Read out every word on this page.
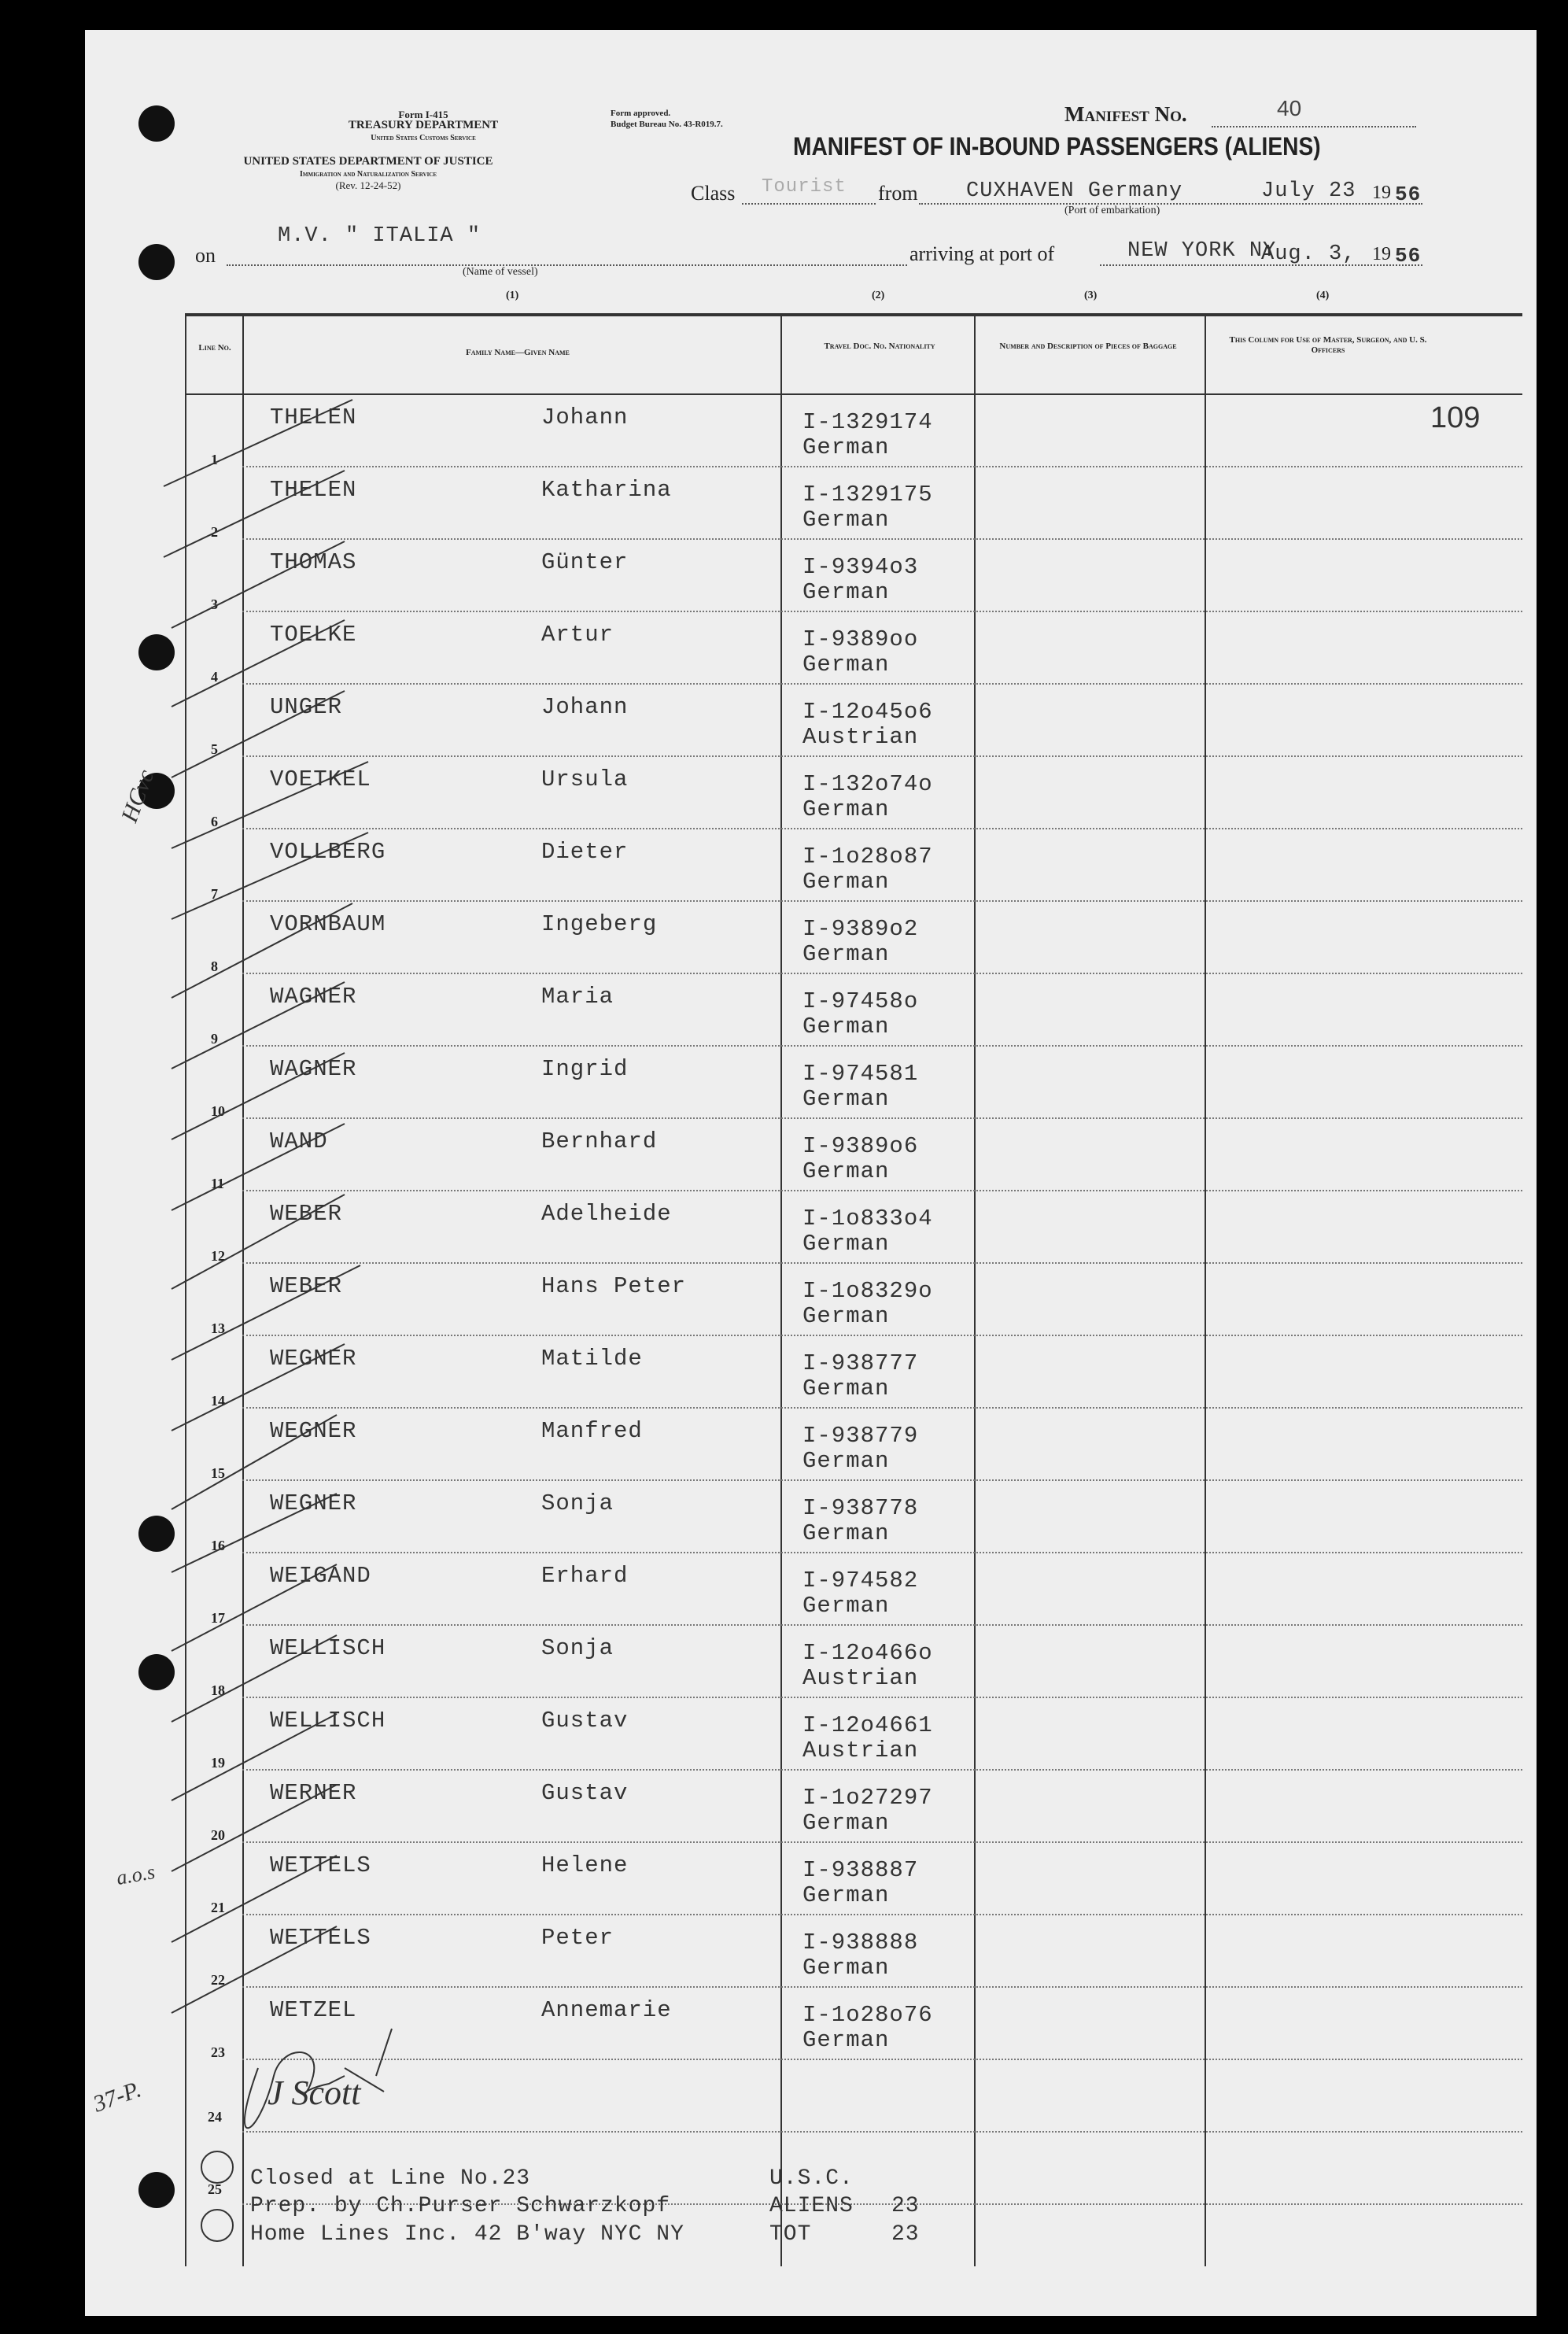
Form I-415
TREASURY DEPARTMENT
United States Customs Service
UNITED STATES DEPARTMENT OF JUSTICE
Immigration and Naturalization Service
(Rev. 12-24-52)
Form approved.
Budget Bureau No. 43-R019.7.	Manifest No.	40
MANIFEST OF IN-BOUND PASSENGERS (ALIENS)
Class Tourist from CUXHAVEN Germany	July 23 19 56
(Port of embarkation)
on
M.V. " ITALIA "
(Name of vessel)
arriving at port of	NEW YORK NY
Aug. 3, 19 56
(1)	(2)	(3)	(4)
109
Line No.	Family Name—Given Name
Travel Doc. No. Nationality	Number and Description of Pieces of Baggage
This Column for Use of Master, Surgeon, and U. S. Officers
1
THELEN	Johann	I-1329174
German
2
THELEN	Katharina	I-1329175
German
3
THOMAS	Günter	I-9394o3
German
4
TOELKE	Artur	I-9389oo
German
5
UNGER	Johann	I-12o45o6
Austrian
6
VOETKEL	Ursula	I-132o74o
German
7
VOLLBERG	Dieter	I-1o28o87
German
8
VORNBAUM	Ingeberg	I-9389o2
German
9
WAGNER	Maria	I-97458o
German
10
WAGNER	Ingrid	I-974581
German
11
WAND	Bernhard	I-9389o6
German
12
WEBER	Adelheide	I-1o833o4
German
13
WEBER	Hans Peter	I-1o8329o
German
14
WEGNER	Matilde	I-938777
German
15
WEGNER	Manfred	I-938779
German
16
WEGNER	Sonja	I-938778
German
17
WEIGAND	Erhard	I-974582
German
18
WELLISCH	Sonja	I-12o466o
Austrian
19
WELLISCH	Gustav	I-12o4661
Austrian
20
WERNER	Gustav	I-1o27297
German
21
WETTELS	Helene	I-938887
German
22
WETTELS	Peter	I-938888
German
23
WETZEL	Annemarie	I-1o28o76
German
24
25
HCvc
a.o.s
37-P.	J Scott
Closed at Line No.23
Prep. by Ch.Purser Schwarzkopf
Home Lines Inc. 42 B'way NYC NY
U.S.C.
ALIENS 23
TOT	23
